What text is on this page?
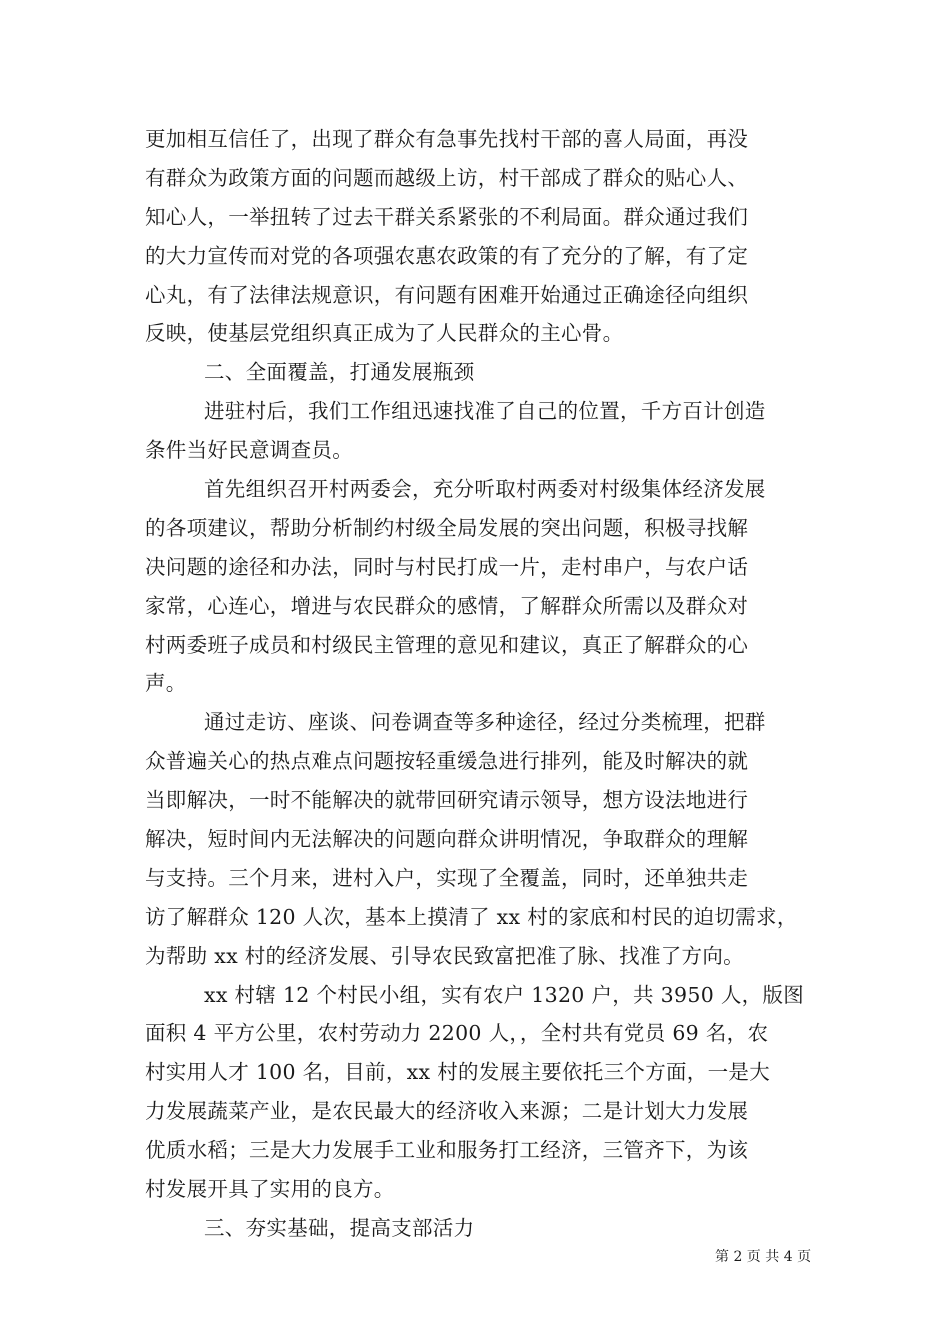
更加相互信任了，出现了群众有急事先找村干部的喜人局面，再没
有群众为政策方面的问题而越级上访，村干部成了群众的贴心人、
知心人，一举扭转了过去干群关系紧张的不利局面。群众通过我们
的大力宣传而对党的各项强农惠农政策的有了充分的了解，有了定
心丸，有了法律法规意识，有问题有困难开始通过正确途径向组织
反映，使基层党组织真正成为了人民群众的主心骨。
二、全面覆盖，打通发展瓶颈
进驻村后，我们工作组迅速找准了自己的位置，千方百计创造
条件当好民意调查员。
首先组织召开村两委会，充分听取村两委对村级集体经济发展
的各项建议，帮助分析制约村级全局发展的突出问题，积极寻找解
决问题的途径和办法，同时与村民打成一片，走村串户，与农户话
家常，心连心，增进与农民群众的感情，了解群众所需以及群众对
村两委班子成员和村级民主管理的意见和建议，真正了解群众的心
声。
通过走访、座谈、问卷调查等多种途径，经过分类梳理，把群
众普遍关心的热点难点问题按轻重缓急进行排列，能及时解决的就
当即解决，一时不能解决的就带回研究请示领导，想方设法地进行
解决，短时间内无法解决的问题向群众讲明情况，争取群众的理解
与支持。三个月来，进村入户，实现了全覆盖，同时，还单独共走
访了解群众 120 人次，基本上摸清了 xx 村的家底和村民的迫切需求，
为帮助 xx 村的经济发展、引导农民致富把准了脉、找准了方向。
xx 村辖 12 个村民小组，实有农户 1320 户，共 3950 人，版图
面积 4 平方公里，农村劳动力 2200 人，，全村共有党员 69 名，农
村实用人才 100 名，目前，xx 村的发展主要依托三个方面，一是大
力发展蔬菜产业，是农民最大的经济收入来源；二是计划大力发展
优质水稻；三是大力发展手工业和服务打工经济，三管齐下，为该
村发展开具了实用的良方。
三、夯实基础，提高支部活力
第 2 页 共 4 页
